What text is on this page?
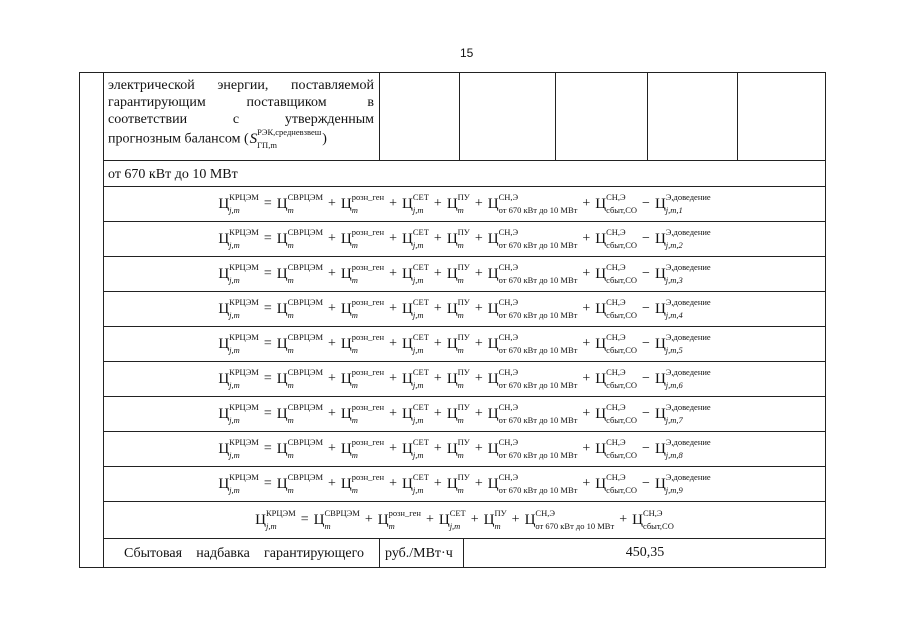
15
электрической энергии, поставляемой
гарантирующим поставщиком в
соответствии с утвержденным
прогнозным балансом ( S РЭК,средневзвеш
ГП,m	)
от 670 кВт до 10 МВт
Ц КРЦЭМ
j,m	= Ц СВРЦЭМ
m	+ Ц розн_ген
m	+ Ц СЕТ
j,m + Ц ПУ
m + Ц СН,Э
от 670 кВт до 10 МВт + Ц СН,Э
сбыт,СО − Ц Э,доведение
j,m,1
Ц КРЦЭМ
j,m	= Ц СВРЦЭМ
m	+ Ц розн_ген
m	+ Ц СЕТ
j,m + Ц ПУ
m + Ц СН,Э
от 670 кВт до 10 МВт + Ц СН,Э
сбыт,СО − Ц Э,доведение
j,m,2
Ц КРЦЭМ
j,m	= Ц СВРЦЭМ
m	+ Ц розн_ген
m	+ Ц СЕТ
j,m + Ц ПУ
m + Ц СН,Э
от 670 кВт до 10 МВт + Ц СН,Э
сбыт,СО − Ц Э,доведение
j,m,3
Ц КРЦЭМ
j,m	= Ц СВРЦЭМ
m	+ Ц розн_ген
m	+ Ц СЕТ
j,m + Ц ПУ
m + Ц СН,Э
от 670 кВт до 10 МВт + Ц СН,Э
сбыт,СО − Ц Э,доведение
j,m,4
Ц КРЦЭМ
j,m	= Ц СВРЦЭМ
m	+ Ц розн_ген
m	+ Ц СЕТ
j,m + Ц ПУ
m + Ц СН,Э
от 670 кВт до 10 МВт + Ц СН,Э
сбыт,СО − Ц Э,доведение
j,m,5
Ц КРЦЭМ
j,m	= Ц СВРЦЭМ
m	+ Ц розн_ген
m	+ Ц СЕТ
j,m + Ц ПУ
m + Ц СН,Э
от 670 кВт до 10 МВт + Ц СН,Э
сбыт,СО − Ц Э,доведение
j,m,6
Ц КРЦЭМ
j,m	= Ц СВРЦЭМ
m	+ Ц розн_ген
m	+ Ц СЕТ
j,m + Ц ПУ
m + Ц СН,Э
от 670 кВт до 10 МВт + Ц СН,Э
сбыт,СО − Ц Э,доведение
j,m,7
Ц КРЦЭМ
j,m	= Ц СВРЦЭМ
m	+ Ц розн_ген
m	+ Ц СЕТ
j,m + Ц ПУ
m + Ц СН,Э
от 670 кВт до 10 МВт + Ц СН,Э
сбыт,СО − Ц Э,доведение
j,m,8
Ц КРЦЭМ
j,m	= Ц СВРЦЭМ
m	+ Ц розн_ген
m	+ Ц СЕТ
j,m + Ц ПУ
m + Ц СН,Э
от 670 кВт до 10 МВт + Ц СН,Э
сбыт,СО − Ц Э,доведение
j,m,9
Ц КРЦЭМ
j,m	= Ц СВРЦЭМ
m	+ Ц розн_ген
m	+ Ц СЕТ
j,m + Ц ПУ
m + Ц СН,Э
от 670 кВт до 10 МВт + Ц СН,Э
сбыт,СО
Сбытовая надбавка гарантирующего руб./МВт·ч	450,35
